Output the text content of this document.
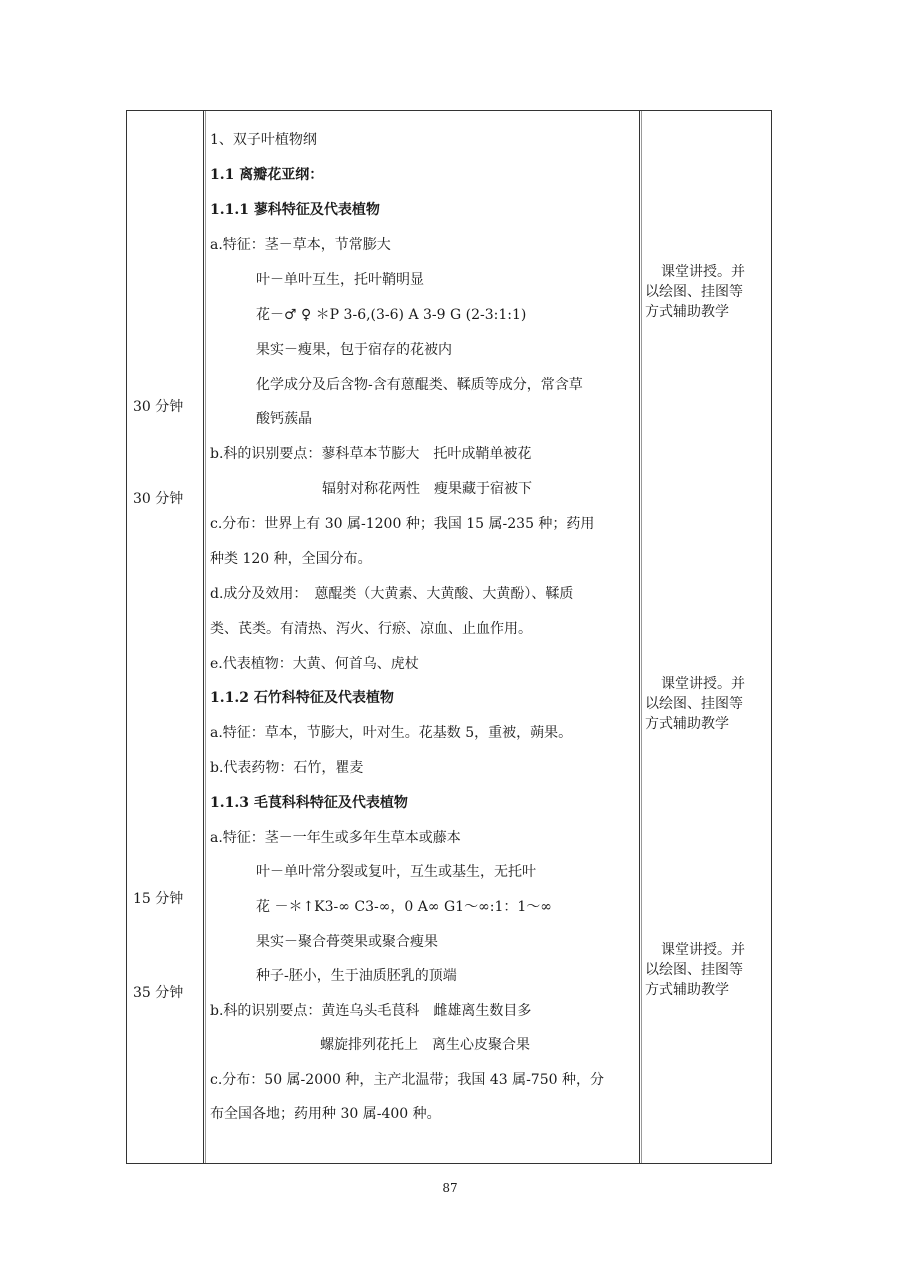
30 分钟
30 分钟
15 分钟
35 分钟
课堂讲授。并
以绘图、挂图等
方式辅助教学
课堂讲授。并
以绘图、挂图等
方式辅助教学
课堂讲授。并
以绘图、挂图等
方式辅助教学
1、双子叶植物纲
1.1 离瓣花亚纲：
1.1.1 蓼科特征及代表植物
a.特征：茎－草本，节常膨大
叶－单叶互生，托叶鞘明显
花－♂ ♀ ＊P 3-6,(3-6) A 3-9 G (2-3:1:1)
果实－瘦果，包于宿存的花被内
化学成分及后含物-含有蒽醌类、鞣质等成分，常含草
酸钙蔟晶
b.科的识别要点：蓼科草本节膨大　托叶成鞘单被花
辐射对称花两性　瘦果藏于宿被下
c.分布：世界上有 30 属-1200 种；我国 15 属-235 种；药用
种类 120 种，全国分布。
d.成分及效用：　蒽醌类（大黄素、大黄酸、大黄酚）、鞣质
类、芪类。有清热、泻火、行瘀、凉血、止血作用。
e.代表植物：大黄、何首乌、虎杖
1.1.2 石竹科特征及代表植物
a.特征：草本，节膨大，叶对生。花基数 5，重被，蒴果。
b.代表药物：石竹，瞿麦
1.1.3 毛茛科科特征及代表植物
a.特征：茎－一年生或多年生草本或藤本
叶－单叶常分裂或复叶，互生或基生，无托叶
花 －＊↑K3-∞ C3-∞，0 A∞ G1～∞:1：1～∞
果实－聚合蓇葖果或聚合瘦果
种子-胚小，生于油质胚乳的顶端
b.科的识别要点：黄连乌头毛茛科　雌雄离生数目多
螺旋排列花托上　离生心皮聚合果
c.分布：50 属-2000 种，主产北温带；我国 43 属-750 种，分
布全国各地；药用种 30 属-400 种。
87
